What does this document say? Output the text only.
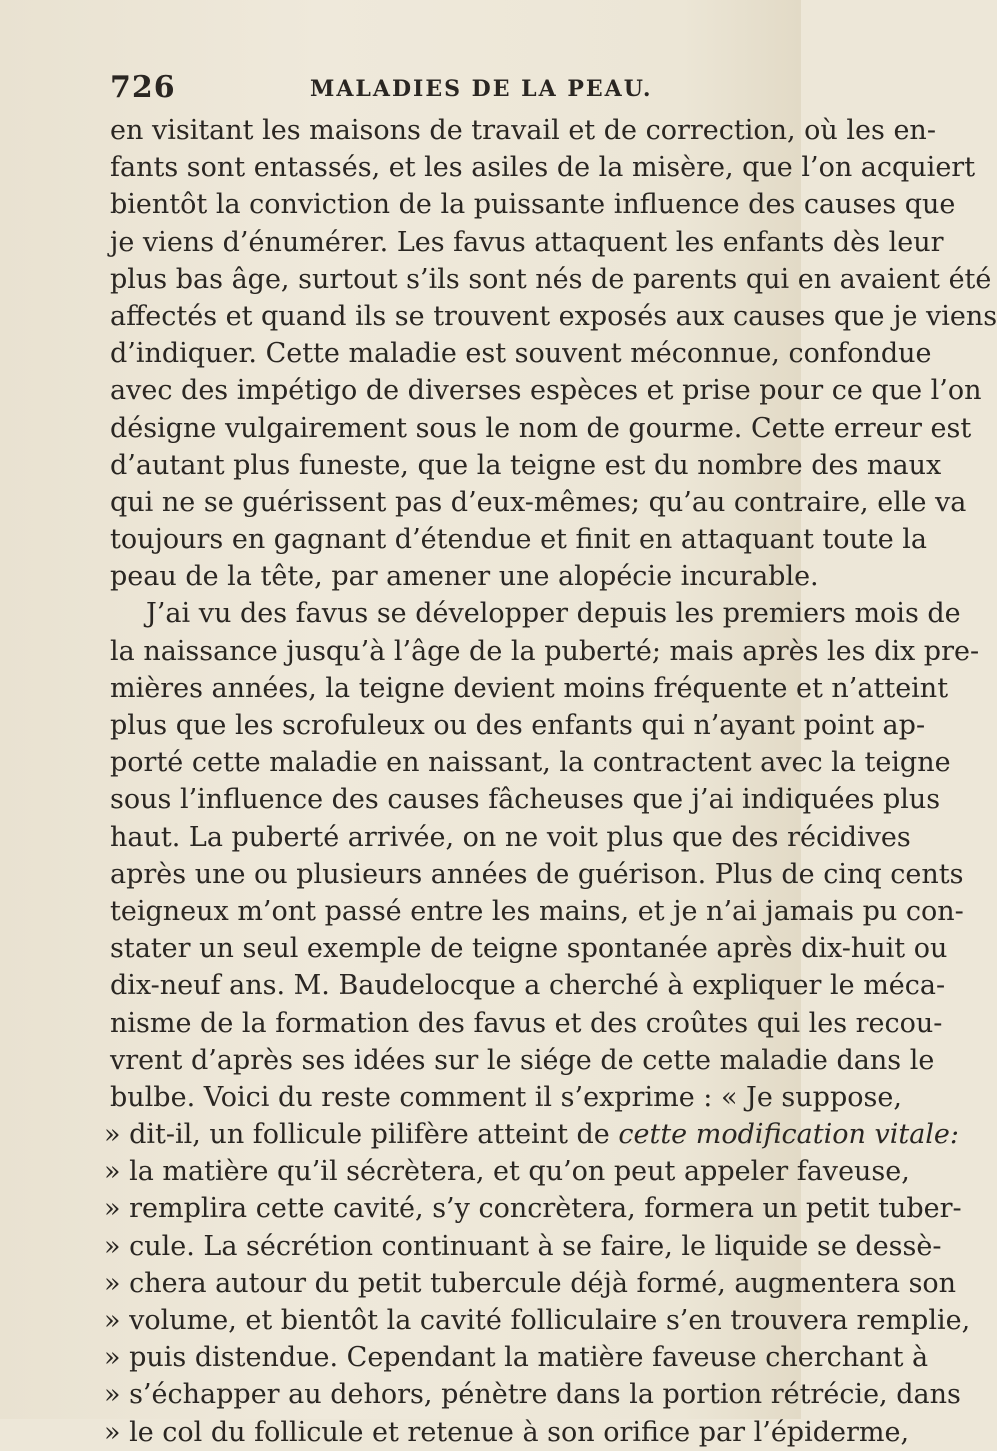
726	MALADIES DE LA PEAU.
en visitant les maisons de travail et de correction, où les en-
fants sont entassés, et les asiles de la misère, que l’on acquiert
bientôt la conviction de la puissante influence des causes que
je viens d’énumérer. Les favus attaquent les enfants dès leur
plus bas âge, surtout s’ils sont nés de parents qui en avaient été
affectés et quand ils se trouvent exposés aux causes que je viens
d’indiquer. Cette maladie est souvent méconnue, confondue
avec des impétigo de diverses espèces et prise pour ce que l’on
désigne vulgairement sous le nom de gourme. Cette erreur est
d’autant plus funeste, que la teigne est du nombre des maux
qui ne se guérissent pas d’eux-mêmes; qu’au contraire, elle va
toujours en gagnant d’étendue et finit en attaquant toute la
peau de la tête, par amener une alopécie incurable.
J’ai vu des favus se développer depuis les premiers mois de
la naissance jusqu’à l’âge de la puberté; mais après les dix pre-
mières années, la teigne devient moins fréquente et n’atteint
plus que les scrofuleux ou des enfants qui n’ayant point ap-
porté cette maladie en naissant, la contractent avec la teigne
sous l’influence des causes fâcheuses que j’ai indiquées plus
haut. La puberté arrivée, on ne voit plus que des récidives
après une ou plusieurs années de guérison. Plus de cinq cents
teigneux m’ont passé entre les mains, et je n’ai jamais pu con-
stater un seul exemple de teigne spontanée après dix-huit ou
dix-neuf ans. M. Baudelocque a cherché à expliquer le méca-
nisme de la formation des favus et des croûtes qui les recou-
vrent d’après ses idées sur le siége de cette maladie dans le
bulbe. Voici du reste comment il s’exprime : « Je suppose,
» dit-il, un follicule pilifère atteint de cette modification vitale:
» la matière qu’il sécrètera, et qu’on peut appeler faveuse,
» remplira cette cavité, s’y concrètera, formera un petit tuber-
» cule. La sécrétion continuant à se faire, le liquide se dessè-
» chera autour du petit tubercule déjà formé, augmentera son
» volume, et bientôt la cavité folliculaire s’en trouvera remplie,
» puis distendue. Cependant la matière faveuse cherchant à
» s’échapper au dehors, pénètre dans la portion rétrécie, dans
» le col du follicule et retenue à son orifice par l’épiderme,
